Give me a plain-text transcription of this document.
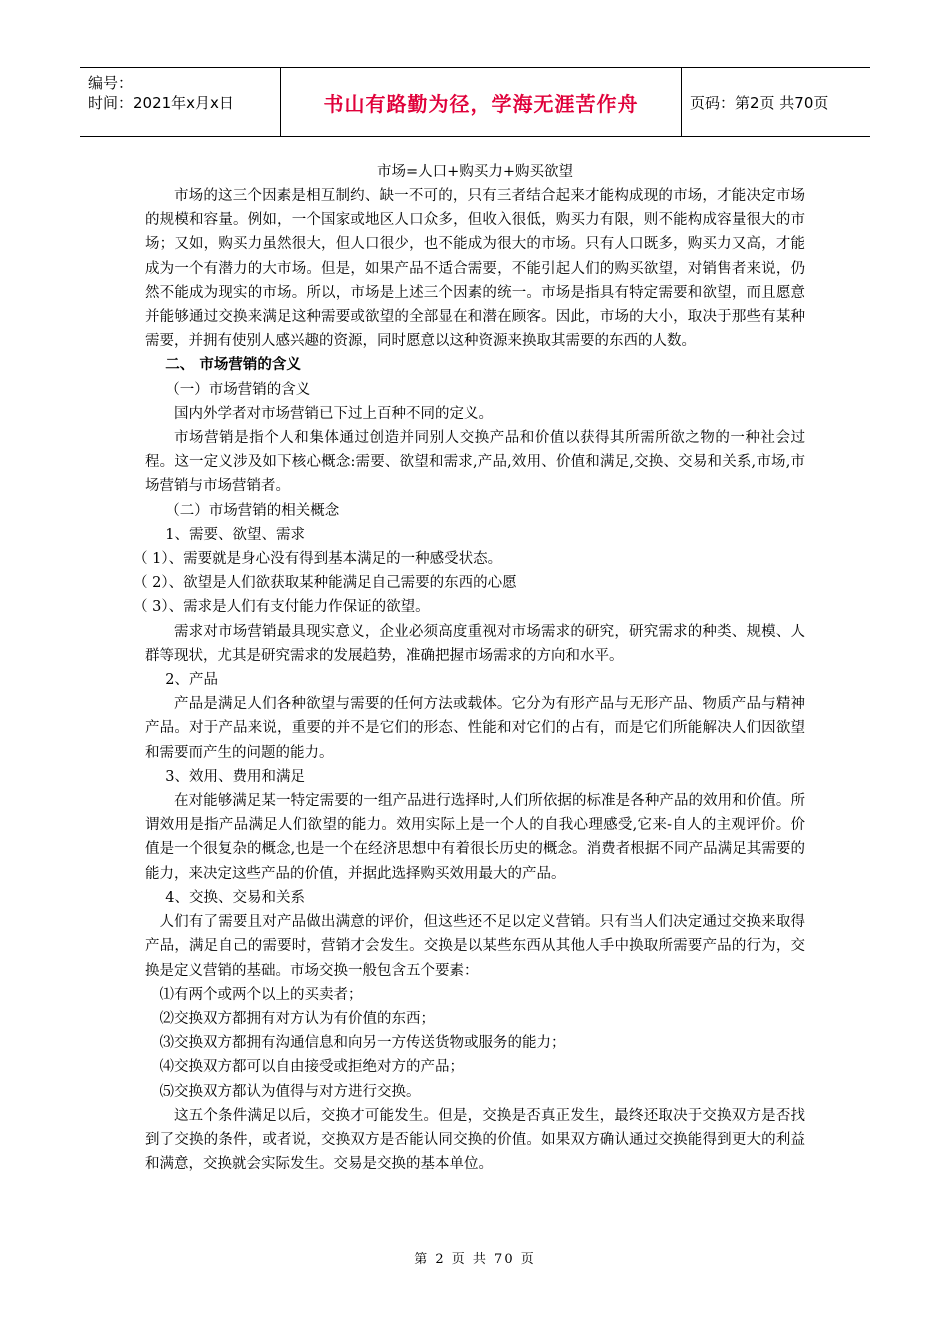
编号：
时间：2021年x月x日	书山有路勤为径，学海无涯苦作舟	页码：第2页 共70页
市场=人口+购买力+购买欲望

市场的这三个因素是相互制约、缺一不可的，只有三者结合起来才能构成现的市场，才能决定市场的规模和容量。例如，一个国家或地区人口众多，但收入很低，购买力有限，则不能构成容量很大的市场；又如，购买力虽然很大，但人口很少，也不能成为很大的市场。只有人口既多，购买力又高，才能成为一个有潜力的大市场。但是，如果产品不适合需要，不能引起人们的购买欲望，对销售者来说，仍然不能成为现实的市场。所以，市场是上述三个因素的统一。市场是指具有特定需要和欲望，而且愿意并能够通过交换来满足这种需要或欲望的全部显在和潜在顾客。因此，市场的大小，取决于那些有某种需要，并拥有使别人感兴趣的资源，同时愿意以这种资源来换取其需要的东西的人数。

二、 市场营销的含义

（一）市场营销的含义

国内外学者对市场营销已下过上百种不同的定义。

市场营销是指个人和集体通过创造并同别人交换产品和价值以获得其所需所欲之物的一种社会过程。这一定义涉及如下核心概念:需要、欲望和需求,产品,效用、价值和满足,交换、交易和关系,市场,市场营销与市场营销者。

（二）市场营销的相关概念

1、需要、欲望、需求

（ 1）、需要就是身心没有得到基本满足的一种感受状态。

（ 2）、欲望是人们欲获取某种能满足自己需要的东西的心愿

（ 3）、需求是人们有支付能力作保证的欲望。

需求对市场营销最具现实意义，企业必须高度重视对市场需求的研究，研究需求的种类、规模、人群等现状，尤其是研究需求的发展趋势，准确把握市场需求的方向和水平。

2、产品

产品是满足人们各种欲望与需要的任何方法或载体。它分为有形产品与无形产品、物质产品与精神产品。对于产品来说，重要的并不是它们的形态、性能和对它们的占有，而是它们所能解决人们因欲望和需要而产生的问题的能力。

3、效用、费用和满足

在对能够满足某一特定需要的一组产品进行选择时,人们所依据的标准是各种产品的效用和价值。所谓效用是指产品满足人们欲望的能力。效用实际上是一个人的自我心理感受,它来-自人的主观评价。价值是一个很复杂的概念,也是一个在经济思想中有着很长历史的概念。消费者根据不同产品满足其需要的能力，来决定这些产品的价值，并据此选择购买效用最大的产品。

4、交换、交易和关系

人们有了需要且对产品做出满意的评价，但这些还不足以定义营销。只有当人们决定通过交换来取得产品，满足自己的需要时，营销才会发生。交换是以某些东西从其他人手中换取所需要产品的行为，交换是定义营销的基础。市场交换一般包含五个要素：

⑴有两个或两个以上的买卖者；

⑵交换双方都拥有对方认为有价值的东西；

⑶交换双方都拥有沟通信息和向另一方传送货物或服务的能力；

⑷交换双方都可以自由接受或拒绝对方的产品；

⑸交换双方都认为值得与对方进行交换。

这五个条件满足以后，交换才可能发生。但是，交换是否真正发生，最终还取决于交换双方是否找到了交换的条件，或者说，交换双方是否能认同交换的价值。如果双方确认通过交换能得到更大的利益和满意，交换就会实际发生。交易是交换的基本单位。

第 2 页 共 70 页
